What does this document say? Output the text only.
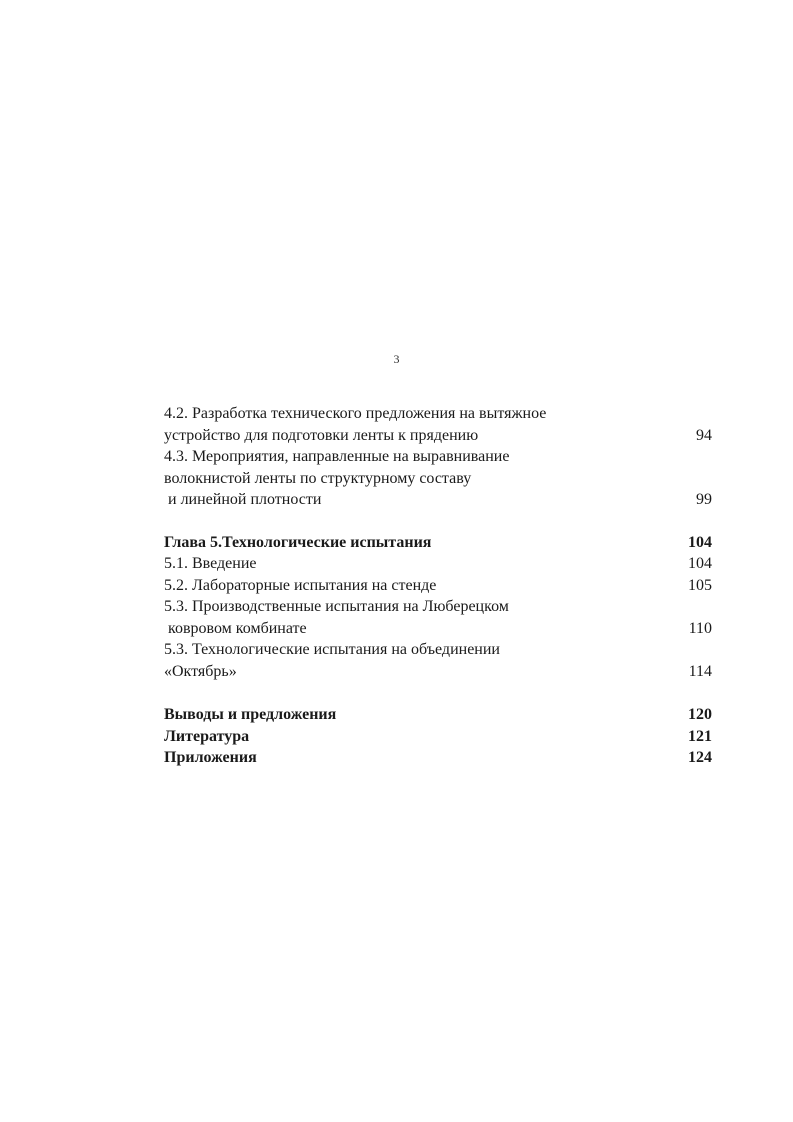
3
4.2. Разработка технического предложения на вытяжное
устройство для подготовки ленты к прядению	94
4.3. Мероприятия, направленные на выравнивание
волокнистой ленты по структурному составу
и линейной плотности	99
Глава 5.Технологические испытания	104
5.1. Введение	104
5.2. Лабораторные испытания на стенде	105
5.3. Производственные испытания на Люберецком
ковровом комбинате	110
5.3. Технологические испытания на объединении
«Октябрь»	114
Выводы и предложения	120
Литература	121
Приложения	124
